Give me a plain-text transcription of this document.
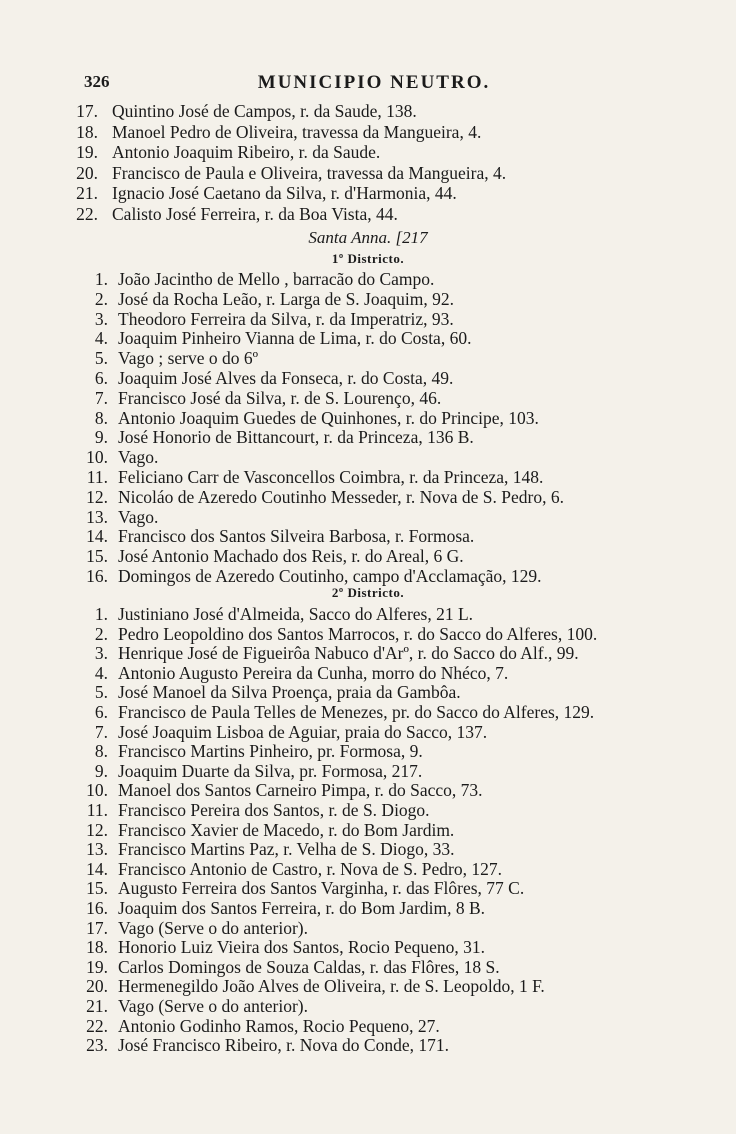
326	MUNICIPIO NEUTRO.
Santa Anna. [217
1º Districto.
2º Districto.
17. Quintino José de Campos, r. da Saude, 138.
18. Manoel Pedro de Oliveira, travessa da Mangueira, 4.
19. Antonio Joaquim Ribeiro, r. da Saude.
20. Francisco de Paula e Oliveira, travessa da Mangueira, 4.
21. Ignacio José Caetano da Silva, r. d'Harmonia, 44.
22. Calisto José Ferreira, r. da Boa Vista, 44.
1. João Jacintho de Mello , barracão do Campo.
2. José da Rocha Leão, r. Larga de S. Joaquim, 92.
3. Theodoro Ferreira da Silva, r. da Imperatriz, 93.
4. Joaquim Pinheiro Vianna de Lima, r. do Costa, 60.
5. Vago ; serve o do 6º
6. Joaquim José Alves da Fonseca, r. do Costa, 49.
7. Francisco José da Silva, r. de S. Lourenço, 46.
8. Antonio Joaquim Guedes de Quinhones, r. do Principe, 103.
9. José Honorio de Bittancourt, r. da Princeza, 136 B.
10. Vago.
11. Feliciano Carr de Vasconcellos Coimbra, r. da Princeza, 148.
12. Nicoláo de Azeredo Coutinho Messeder, r. Nova de S. Pedro, 6.
13. Vago.
14. Francisco dos Santos Silveira Barbosa, r. Formosa.
15. José Antonio Machado dos Reis, r. do Areal, 6 G.
16. Domingos de Azeredo Coutinho, campo d'Acclamação, 129.
1. Justiniano José d'Almeida, Sacco do Alferes, 21 L.
2. Pedro Leopoldino dos Santos Marrocos, r. do Sacco do Alferes, 100.
3. Henrique José de Figueirôa Nabuco d'Arº, r. do Sacco do Alf., 99.
4. Antonio Augusto Pereira da Cunha, morro do Nhéco, 7.
5. José Manoel da Silva Proença, praia da Gambôa.
6. Francisco de Paula Telles de Menezes, pr. do Sacco do Alferes, 129.
7. José Joaquim Lisboa de Aguiar, praia do Sacco, 137.
8. Francisco Martins Pinheiro, pr. Formosa, 9.
9. Joaquim Duarte da Silva, pr. Formosa, 217.
10. Manoel dos Santos Carneiro Pimpa, r. do Sacco, 73.
11. Francisco Pereira dos Santos, r. de S. Diogo.
12. Francisco Xavier de Macedo, r. do Bom Jardim.
13. Francisco Martins Paz, r. Velha de S. Diogo, 33.
14. Francisco Antonio de Castro, r. Nova de S. Pedro, 127.
15. Augusto Ferreira dos Santos Varginha, r. das Flôres, 77 C.
16. Joaquim dos Santos Ferreira, r. do Bom Jardim, 8 B.
17. Vago (Serve o do anterior).
18. Honorio Luiz Vieira dos Santos, Rocio Pequeno, 31.
19. Carlos Domingos de Souza Caldas, r. das Flôres, 18 S.
20. Hermenegildo João Alves de Oliveira, r. de S. Leopoldo, 1 F.
21. Vago (Serve o do anterior).
22. Antonio Godinho Ramos, Rocio Pequeno, 27.
23. José Francisco Ribeiro, r. Nova do Conde, 171.
